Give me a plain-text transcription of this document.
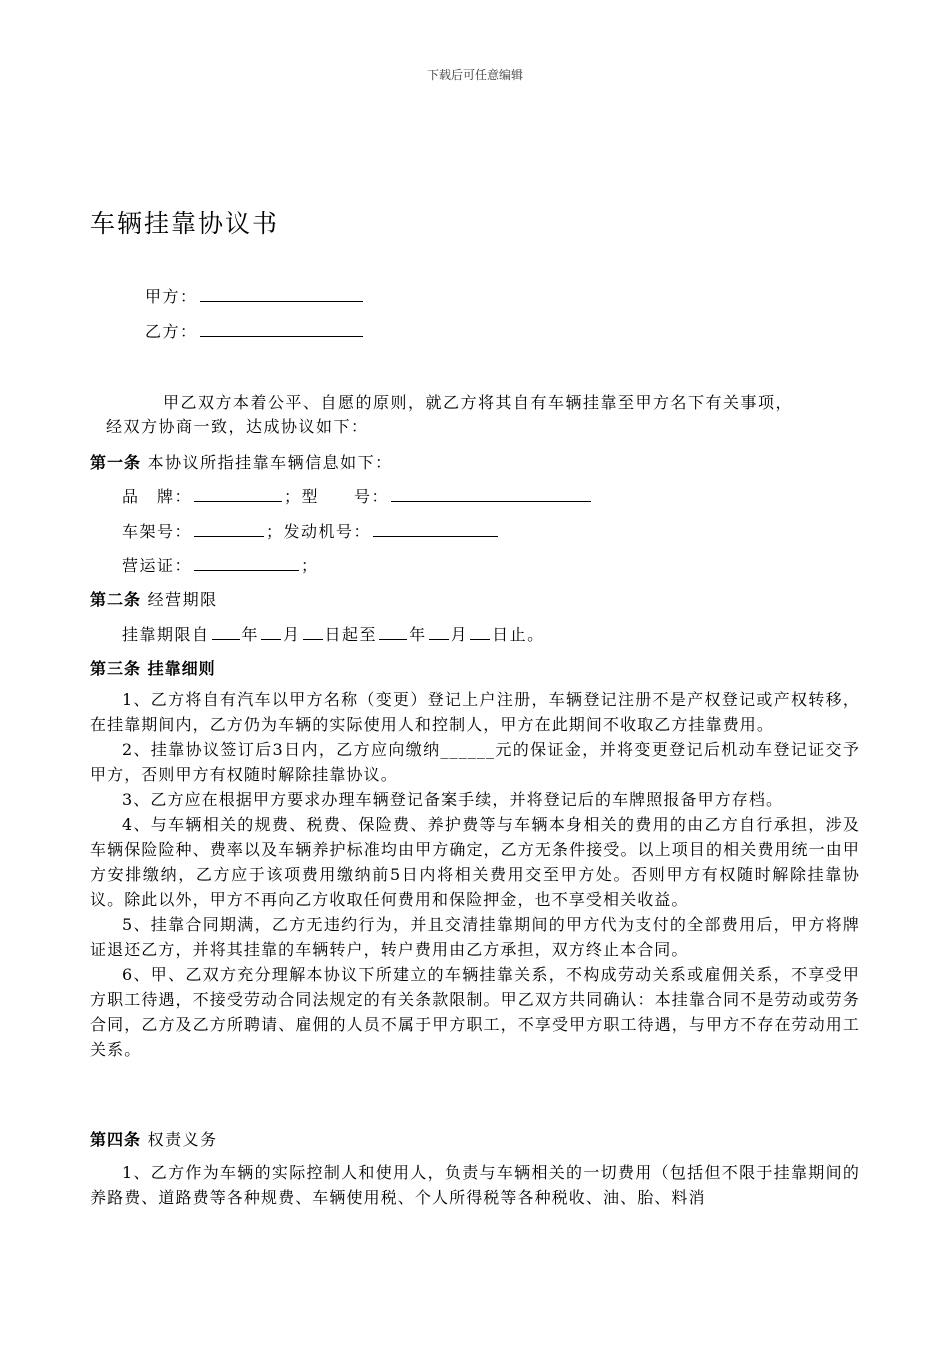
下载后可任意编辑
车辆挂靠协议书
甲方：
乙方：
甲乙双方本着公平、自愿的原则，就乙方将其自有车辆挂靠至甲方名下有关事项，
经双方协商一致，达成协议如下：
第一条 本协议所指挂靠车辆信息如下：
品　牌：	；型　　号：
车架号：	；发动机号：
营运证：	；
第二条 经营期限
挂靠期限自 年 月 日起至 年 月 日止。
第三条 挂靠细则

1、乙方将自有汽车以甲方名称（变更）登记上户注册，车辆登记注册不是产权登记或产权转移，在挂靠期间内，乙方仍为车辆的实际使用人和控制人，甲方在此期间不收取乙方挂靠费用。

2、挂靠协议签订后3日内，乙方应向缴纳______元的保证金，并将变更登记后机动车登记证交予甲方，否则甲方有权随时解除挂靠协议。

3、乙方应在根据甲方要求办理车辆登记备案手续，并将登记后的车牌照报备甲方存档。

4、与车辆相关的规费、税费、保险费、养护费等与车辆本身相关的费用的由乙方自行承担，涉及车辆保险险种、费率以及车辆养护标准均由甲方确定，乙方无条件接受。以上项目的相关费用统一由甲方安排缴纳，乙方应于该项费用缴纳前5日内将相关费用交至甲方处。否则甲方有权随时解除挂靠协议。除此以外，甲方不再向乙方收取任何费用和保险押金，也不享受相关收益。

5、挂靠合同期满，乙方无违约行为，并且交清挂靠期间的甲方代为支付的全部费用后，甲方将牌证退还乙方，并将其挂靠的车辆转户，转户费用由乙方承担，双方终止本合同。

6、甲、乙双方充分理解本协议下所建立的车辆挂靠关系，不构成劳动关系或雇佣关系，不享受甲方职工待遇，不接受劳动合同法规定的有关条款限制。甲乙双方共同确认：本挂靠合同不是劳动或劳务合同，乙方及乙方所聘请、雇佣的人员不属于甲方职工，不享受甲方职工待遇，与甲方不存在劳动用工关系。

第四条 权责义务

1、乙方作为车辆的实际控制人和使用人，负责与车辆相关的一切费用（包括但不限于挂靠期间的养路费、道路费等各种规费、车辆使用税、个人所得税等各种税收、油、胎、料消
